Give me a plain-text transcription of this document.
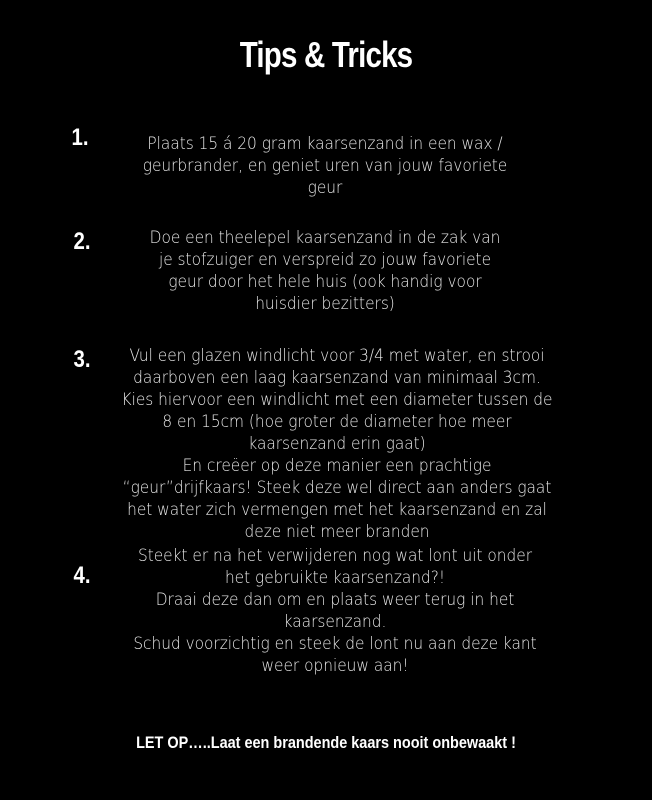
Tips & Tricks
1.	Plaats 15 á 20 gram kaarsenzand in een wax /
geurbrander, en geniet uren van jouw favoriete
geur
2.	Doe een theelepel kaarsenzand in de zak van
je stofzuiger en verspreid zo jouw favoriete
geur door het hele huis (ook handig voor
huisdier bezitters)
3.	Vul een glazen windlicht voor 3/4 met water, en strooi
daarboven een laag kaarsenzand van minimaal 3cm.
Kies hiervoor een windlicht met een diameter tussen de
8 en 15cm (hoe groter de diameter hoe meer
kaarsenzand erin gaat)
En creëer op deze manier een prachtige
“geur”drijfkaars! Steek deze wel direct aan anders gaat
het water zich vermengen met het kaarsenzand en zal
deze niet meer branden
4.
Steekt er na het verwijderen nog wat lont uit onder
het gebruikte kaarsenzand?!
Draai deze dan om en plaats weer terug in het
kaarsenzand.
Schud voorzichtig en steek de lont nu aan deze kant
weer opnieuw aan!
LET OP…..Laat een brandende kaars nooit onbewaakt !
